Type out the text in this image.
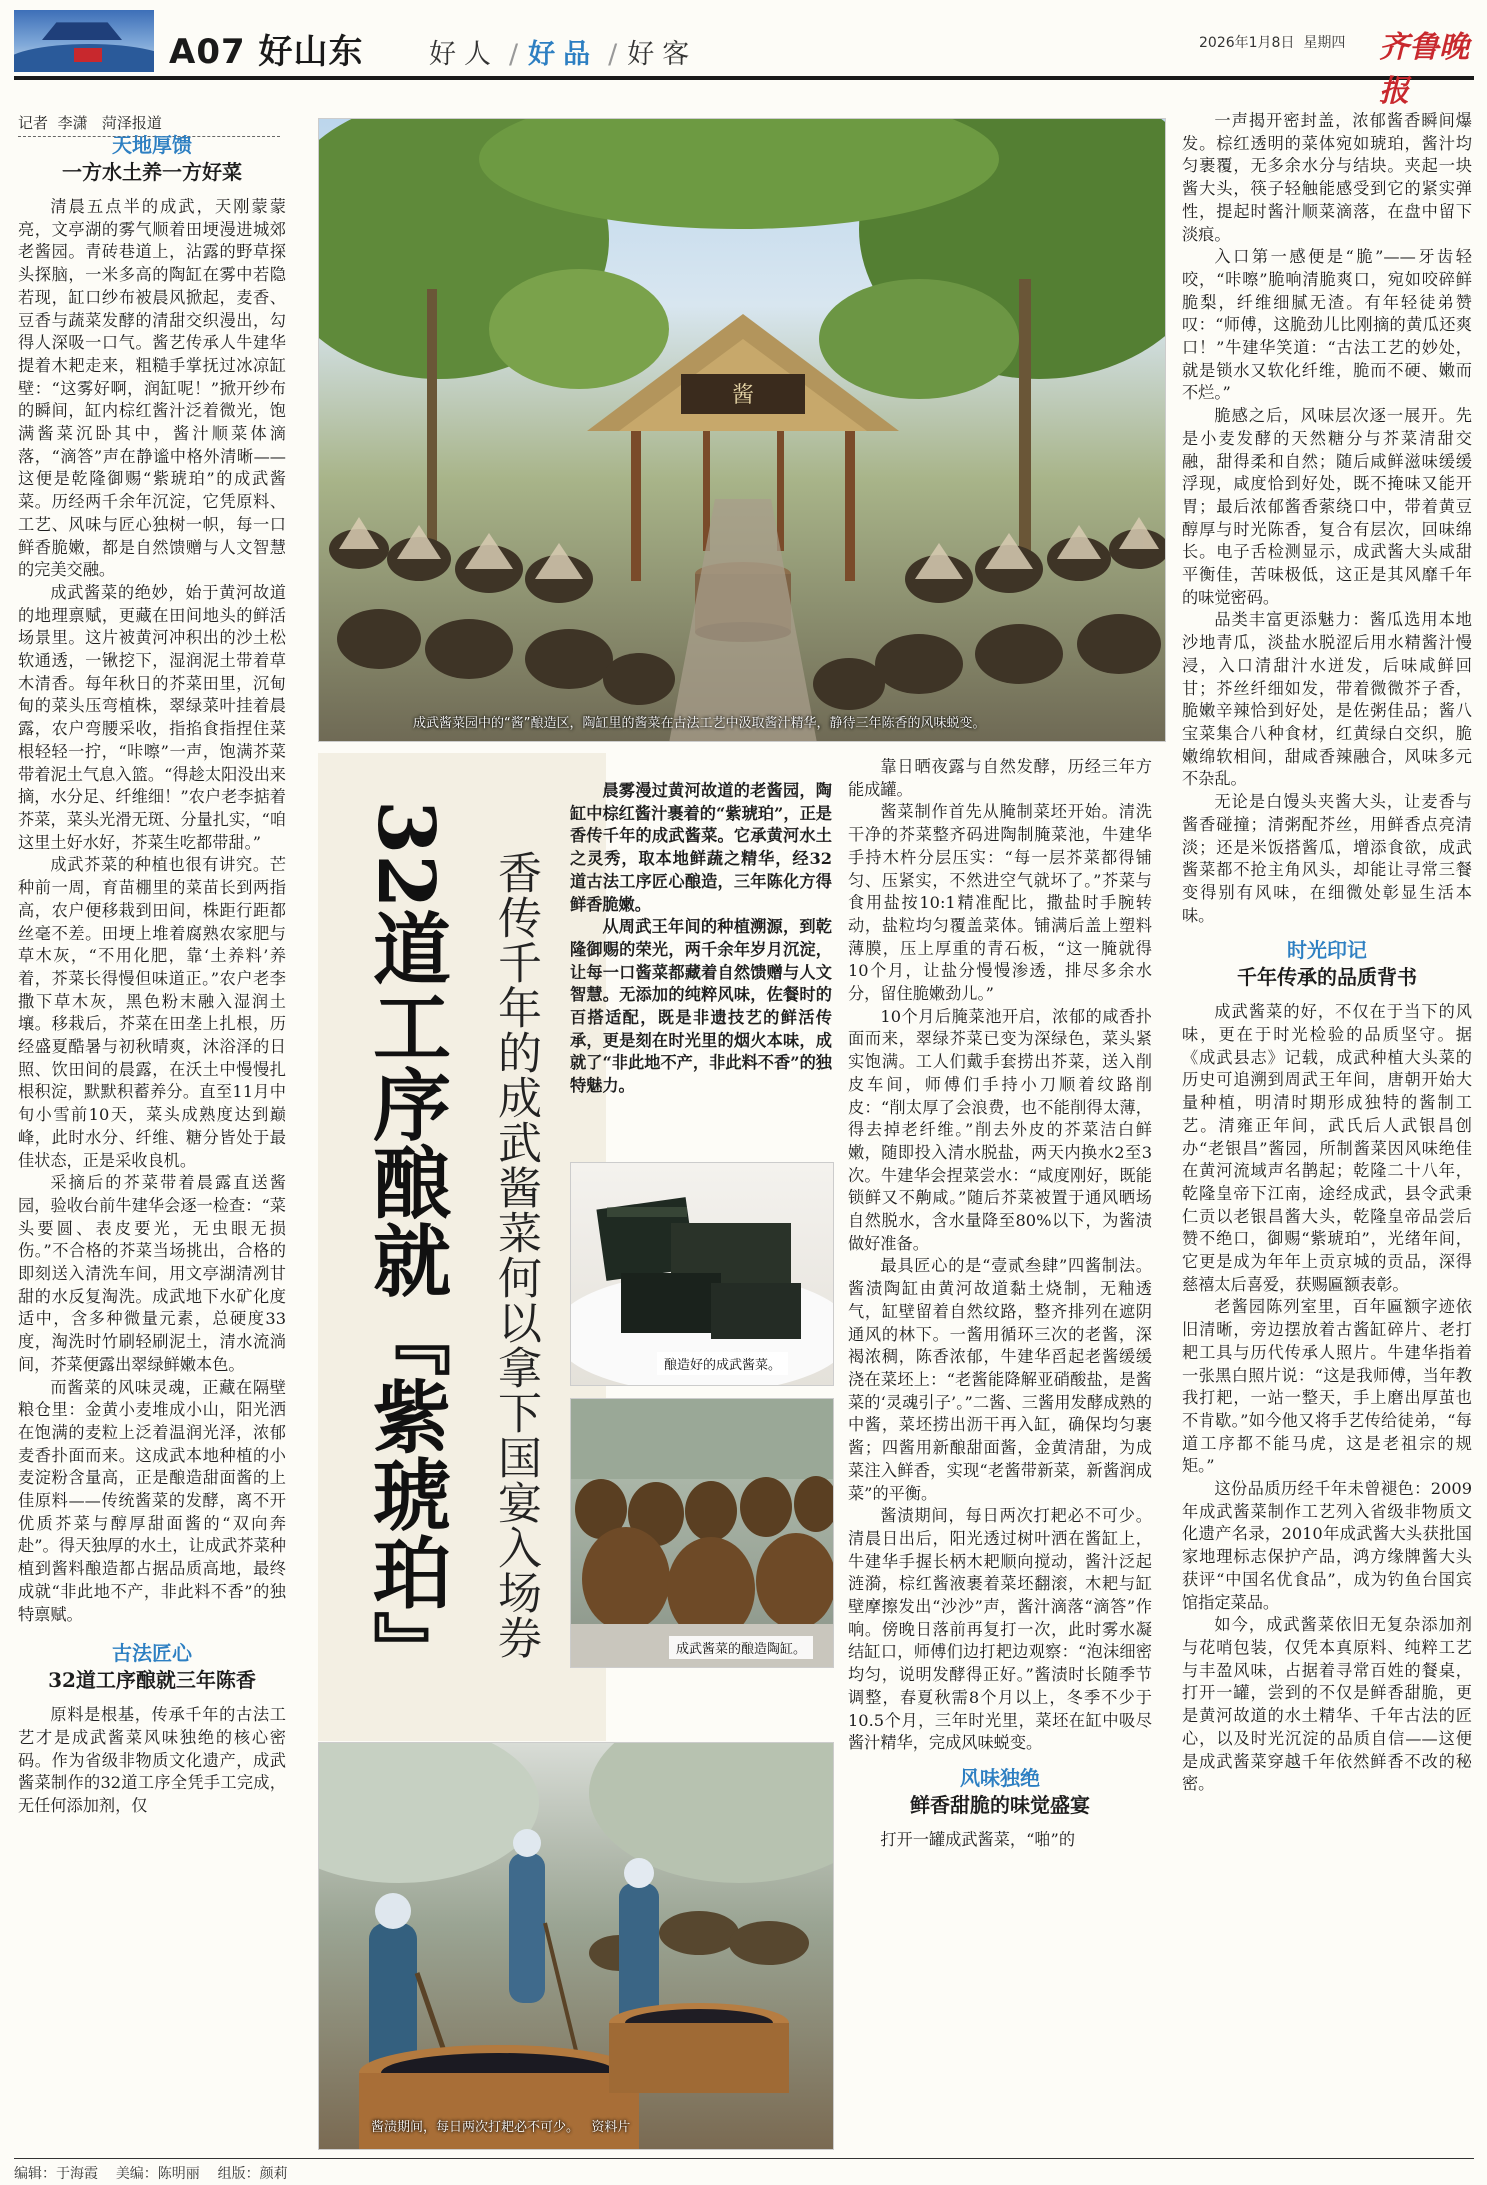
A07 好山东 好人 / 好品 / 好客	2026年1月8日 星期四 齐鲁晚报
记者 李潇 菏泽报道
天地厚馈
一方水土养一方好菜

清晨五点半的成武，天刚蒙蒙亮，文亭湖的雾气顺着田埂漫进城郊老酱园。青砖巷道上，沾露的野草探头探脑，一米多高的陶缸在雾中若隐若现，缸口纱布被晨风掀起，麦香、豆香与蔬菜发酵的清甜交织漫出，勾得人深吸一口气。酱艺传承人牛建华提着木耙走来，粗糙手掌抚过冰凉缸壁：“这雾好啊，润缸呢！”掀开纱布的瞬间，缸内棕红酱汁泛着微光，饱满酱菜沉卧其中，酱汁顺菜体滴落，“滴答”声在静谧中格外清晰——这便是乾隆御赐“紫琥珀”的成武酱菜。历经两千余年沉淀，它凭原料、工艺、风味与匠心独树一帜，每一口鲜香脆嫩，都是自然馈赠与人文智慧的完美交融。

成武酱菜的绝妙，始于黄河故道的地理禀赋，更藏在田间地头的鲜活场景里。这片被黄河冲积出的沙土松软通透，一锹挖下，湿润泥土带着草木清香。每年秋日的芥菜田里，沉甸甸的菜头压弯植株，翠绿菜叶挂着晨露，农户弯腰采收，指掐食指捏住菜根轻轻一拧，“咔嚓”一声，饱满芥菜带着泥土气息入篮。“得趁太阳没出来摘，水分足、纤维细！”农户老李掂着芥菜，菜头光滑无斑、分量扎实，“咱这里土好水好，芥菜生吃都带甜。”

成武芥菜的种植也很有讲究。芒种前一周，育苗棚里的菜苗长到两指高，农户便移栽到田间，株距行距都丝毫不差。田埂上堆着腐熟农家肥与草木灰，“不用化肥，靠‘土养料’养着，芥菜长得慢但味道正。”农户老李撒下草木灰，黑色粉末融入湿润土壤。移栽后，芥菜在田垄上扎根，历经盛夏酷暑与初秋晴爽，沐浴泽的日照、饮田间的晨露，在沃土中慢慢扎根积淀，默默积蓄养分。直至11月中旬小雪前10天，菜头成熟度达到巅峰，此时水分、纤维、糖分皆处于最佳状态，正是采收良机。

采摘后的芥菜带着晨露直送酱园，验收台前牛建华会逐一检查：“菜头要圆、表皮要光，无虫眼无损伤。”不合格的芥菜当场挑出，合格的即刻送入清洗车间，用文亭湖清冽甘甜的水反复淘洗。成武地下水矿化度适中，含多种微量元素，总硬度33度，淘洗时竹刷轻刷泥土，清水流淌间，芥菜便露出翠绿鲜嫩本色。

而酱菜的风味灵魂，正藏在隔壁粮仓里：金黄小麦堆成小山，阳光洒在饱满的麦粒上泛着温润光泽，浓郁麦香扑面而来。这成武本地种植的小麦淀粉含量高，正是酿造甜面酱的上佳原料——传统酱菜的发酵，离不开优质芥菜与醇厚甜面酱的“双向奔赴”。得天独厚的水土，让成武芥菜种植到酱料酿造都占据品质高地，最终成就“非此地不产，非此料不香”的独特禀赋。

古法匠心
32道工序酿就三年陈香

原料是根基，传承千年的古法工艺才是成武酱菜风味独绝的核心密码。作为省级非物质文化遗产，成武酱菜制作的32道工序全凭手工完成，无任何添加剂，仅

酱
成武酱菜园中的“酱”酿造区，陶缸里的酱菜在古法工艺中汲取酱汁精华，静待三年陈香的风味蜕变。
32道工序酿就『紫琥珀』 香传千年的成武酱菜何以拿下国宴入场券

晨雾漫过黄河故道的老酱园，陶缸中棕红酱汁裹着的“紫琥珀”，正是香传千年的成武酱菜。它承黄河水土之灵秀，取本地鲜蔬之精华，经32道古法工序匠心酿造，三年陈化方得鲜香脆嫩。

从周武王年间的种植溯源，到乾隆御赐的荣光，两千余年岁月沉淀，让每一口酱菜都藏着自然馈赠与人文智慧。无添加的纯粹风味，佐餐时的百搭适配，既是非遗技艺的鲜活传承，更是刻在时光里的烟火本味，成就了“非此地不产，非此料不香”的独特魅力。

酿造好的成武酱菜。
成武酱菜的酿造陶缸。
酱渍期间，每日两次打耙必不可少。 资料片

靠日晒夜露与自然发酵，历经三年方能成罐。

酱菜制作首先从腌制菜坯开始。清洗干净的芥菜整齐码进陶制腌菜池，牛建华手持木杵分层压实：“每一层芥菜都得铺匀、压紧实，不然进空气就坏了。”芥菜与食用盐按10:1精准配比，撒盐时手腕转动，盐粒均匀覆盖菜体。铺满后盖上塑料薄膜，压上厚重的青石板，“这一腌就得10个月，让盐分慢慢渗透，排尽多余水分，留住脆嫩劲儿。”

10个月后腌菜池开启，浓郁的咸香扑面而来，翠绿芥菜已变为深绿色，菜头紧实饱满。工人们戴手套捞出芥菜，送入削皮车间，师傅们手持小刀顺着纹路削皮：“削太厚了会浪费，也不能削得太薄，得去掉老纤维。”削去外皮的芥菜洁白鲜嫩，随即投入清水脱盐，两天内换水2至3次。牛建华会捏菜尝水：“咸度刚好，既能锁鲜又不齁咸。”随后芥菜被置于通风晒场自然脱水，含水量降至80%以下，为酱渍做好准备。

最具匠心的是“壹贰叁肆”四酱制法。酱渍陶缸由黄河故道黏土烧制，无釉透气，缸壁留着自然纹路，整齐排列在遮阴通风的林下。一酱用循环三次的老酱，深褐浓稠，陈香浓郁，牛建华舀起老酱缓缓浇在菜坯上：“老酱能降解亚硝酸盐，是酱菜的‘灵魂引子’。”二酱、三酱用发酵成熟的中酱，菜坯捞出沥干再入缸，确保均匀裹酱；四酱用新酿甜面酱，金黄清甜，为成菜注入鲜香，实现“老酱带新菜，新酱润成菜”的平衡。

酱渍期间，每日两次打耙必不可少。清晨日出后，阳光透过树叶洒在酱缸上，牛建华手握长柄木耙顺向搅动，酱汁泛起涟漪，棕红酱液裹着菜坯翻滚，木耙与缸壁摩擦发出“沙沙”声，酱汁滴落“滴答”作响。傍晚日落前再复打一次，此时雾水凝结缸口，师傅们边打耙边观察：“泡沫细密均匀，说明发酵得正好。”酱渍时长随季节调整，春夏秋需8个月以上，冬季不少于10.5个月，三年时光里，菜坯在缸中吸尽酱汁精华，完成风味蜕变。

风味独绝
鲜香甜脆的味觉盛宴

打开一罐成武酱菜，“啪”的

一声揭开密封盖，浓郁酱香瞬间爆发。棕红透明的菜体宛如琥珀，酱汁均匀裹覆，无多余水分与结块。夹起一块酱大头，筷子轻触能感受到它的紧实弹性，提起时酱汁顺菜滴落，在盘中留下淡痕。

入口第一感便是“脆”——牙齿轻咬，“咔嚓”脆响清脆爽口，宛如咬碎鲜脆梨，纤维细腻无渣。有年轻徒弟赞叹：“师傅，这脆劲儿比刚摘的黄瓜还爽口！”牛建华笑道：“古法工艺的妙处，就是锁水又软化纤维，脆而不硬、嫩而不烂。”

脆感之后，风味层次逐一展开。先是小麦发酵的天然糖分与芥菜清甜交融，甜得柔和自然；随后咸鲜滋味缓缓浮现，咸度恰到好处，既不掩味又能开胃；最后浓郁酱香萦绕口中，带着黄豆醇厚与时光陈香，复合有层次，回味绵长。电子舌检测显示，成武酱大头咸甜平衡佳，苦味极低，这正是其风靡千年的味觉密码。

品类丰富更添魅力：酱瓜选用本地沙地青瓜，淡盐水脱涩后用水精酱汁慢浸，入口清甜汁水迸发，后味咸鲜回甘；芥丝纤细如发，带着微微芥子香，脆嫩辛辣恰到好处，是佐粥佳品；酱八宝菜集合八种食材，红黄绿白交织，脆嫩绵软相间，甜咸香辣融合，风味多元不杂乱。

无论是白馒头夹酱大头，让麦香与酱香碰撞；清粥配芥丝，用鲜香点亮清淡；还是米饭搭酱瓜，增添食欲，成武酱菜都不抢主角风头，却能让寻常三餐变得别有风味，在细微处彰显生活本味。

时光印记
千年传承的品质背书

成武酱菜的好，不仅在于当下的风味，更在于时光检验的品质坚守。据《成武县志》记载，成武种植大头菜的历史可追溯到周武王年间，唐朝开始大量种植，明清时期形成独特的酱制工艺。清雍正年间，武氏后人武银昌创办“老银昌”酱园，所制酱菜因风味绝佳在黄河流域声名鹊起；乾隆二十八年，乾隆皇帝下江南，途经成武，县令武秉仁贡以老银昌酱大头，乾隆皇帝品尝后赞不绝口，御赐“紫琥珀”，光绪年间，它更是成为年年上贡京城的贡品，深得慈禧太后喜爱，获赐匾额表彰。

老酱园陈列室里，百年匾额字迹依旧清晰，旁边摆放着古酱缸碎片、老打耙工具与历代传承人照片。牛建华指着一张黑白照片说：“这是我师傅，当年教我打耙，一站一整天，手上磨出厚茧也不肯歇。”如今他又将手艺传给徒弟，“每道工序都不能马虎，这是老祖宗的规矩。”

这份品质历经千年未曾褪色：2009年成武酱菜制作工艺列入省级非物质文化遗产名录，2010年成武酱大头获批国家地理标志保护产品，鸿方缘牌酱大头获评“中国名优食品”，成为钓鱼台国宾馆指定菜品。

如今，成武酱菜依旧无复杂添加剂与花哨包装，仅凭本真原料、纯粹工艺与丰盈风味，占据着寻常百姓的餐桌，打开一罐，尝到的不仅是鲜香甜脆，更是黄河故道的水土精华、千年古法的匠心，以及时光沉淀的品质自信——这便是成武酱菜穿越千年依然鲜香不改的秘密。

编辑：于海霞 美编：陈明丽 组版：颜莉
